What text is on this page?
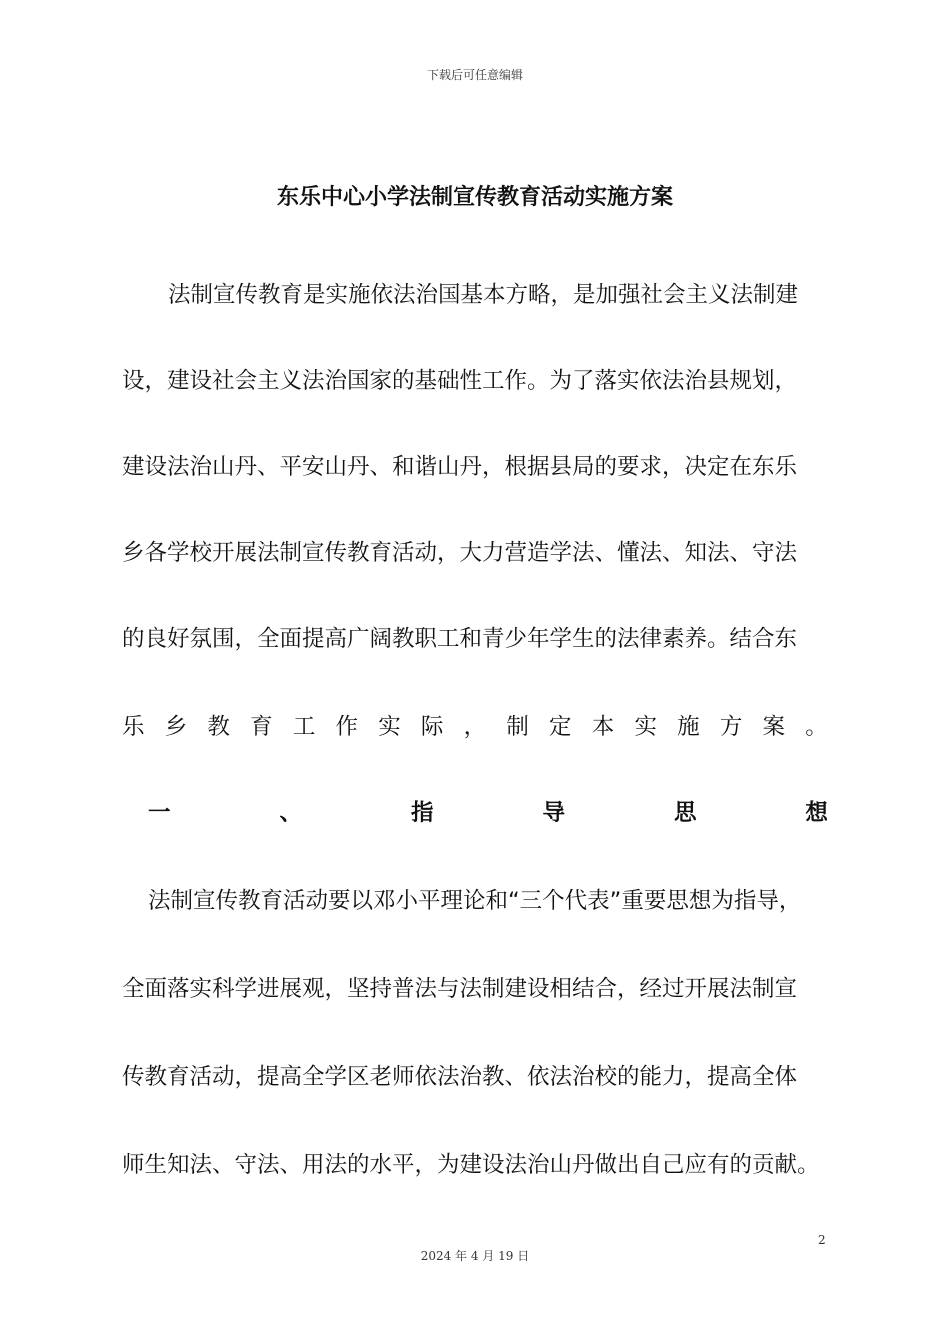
下载后可任意编辑
东乐中心小学法制宣传教育活动实施方案
法制宣传教育是实施依法治国基本方略，是加强社会主义法制建
设，建设社会主义法治国家的基础性工作。为了落实依法治县规划，
建设法治山丹、平安山丹、和谐山丹，根据县局的要求，决定在东乐
乡各学校开展法制宣传教育活动，大力营造学法、懂法、知法、守法
的良好氛围，全面提高广阔教职工和青少年学生的法律素养。结合东
乐 乡 教 育 工 作 实 际 ， 制 定 本 实 施 方 案 。
一	、	指	导	思	想
法制宣传教育活动要以邓小平理论和“三个代表”重要思想为指导，
全面落实科学进展观，坚持普法与法制建设相结合，经过开展法制宣
传教育活动，提高全学区老师依法治教、依法治校的能力，提高全体
师生知法、守法、用法的水平，为建设法治山丹做出自己应有的贡献。
2
2024 年 4 月 19 日
